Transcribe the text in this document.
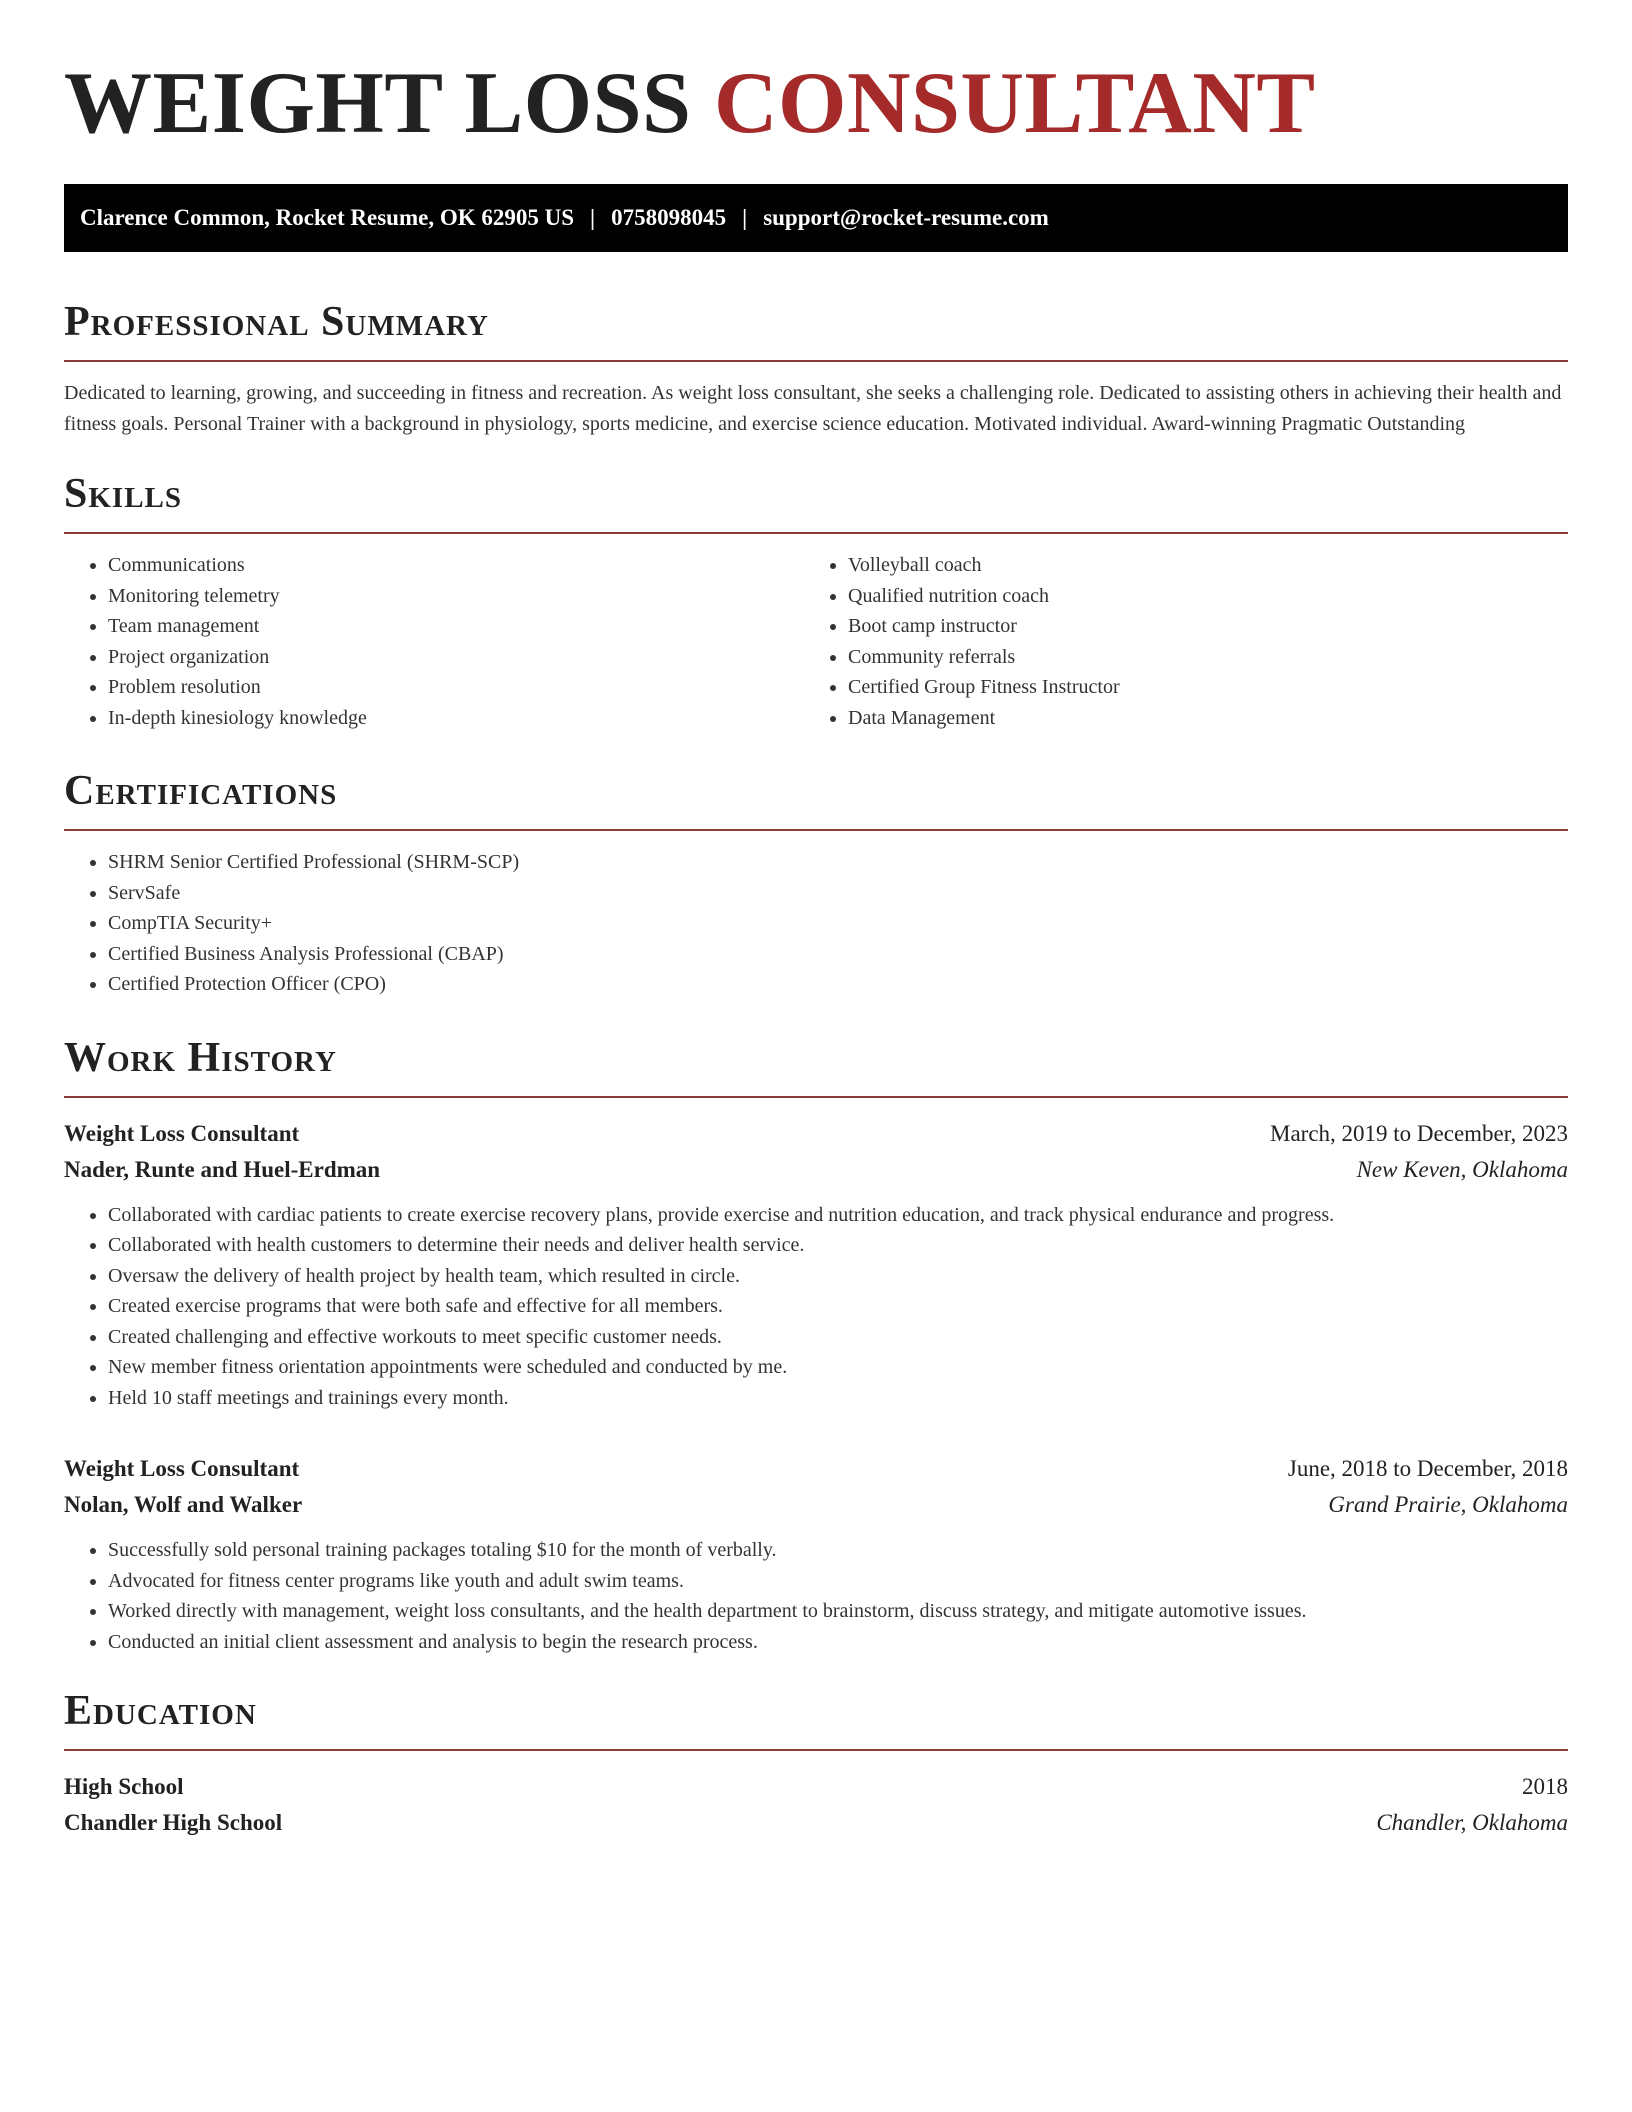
WEIGHT LOSS CONSULTANT
Clarence Common, Rocket Resume, OK 62905 US | 0758098045 | support@rocket-resume.com
Professional Summary

Dedicated to learning, growing, and succeeding in fitness and recreation. As weight loss consultant, she seeks a challenging role. Dedicated to assisting others in achieving their health and fitness goals. Personal Trainer with a background in physiology, sports medicine, and exercise science education. Motivated individual. Award-winning Pragmatic Outstanding

Skills
• Communications
• Monitoring telemetry
• Team management
• Project organization
• Problem resolution
• In-depth kinesiology knowledge
• Volleyball coach
• Qualified nutrition coach
• Boot camp instructor
• Community referrals
• Certified Group Fitness Instructor
• Data Management
Certifications
• SHRM Senior Certified Professional (SHRM-SCP)
• ServSafe
• CompTIA Security+
• Certified Business Analysis Professional (CBAP)
• Certified Protection Officer (CPO)
Work History
Weight Loss Consultant	March, 2019 to December, 2023
Nader, Runte and Huel-Erdman	New Keven, Oklahoma
• Collaborated with cardiac patients to create exercise recovery plans, provide exercise and nutrition education, and track physical endurance and progress.
• Collaborated with health customers to determine their needs and deliver health service.
• Oversaw the delivery of health project by health team, which resulted in circle.
• Created exercise programs that were both safe and effective for all members.
• Created challenging and effective workouts to meet specific customer needs.
• New member fitness orientation appointments were scheduled and conducted by me.
• Held 10 staff meetings and trainings every month.
Weight Loss Consultant	June, 2018 to December, 2018
Nolan, Wolf and Walker	Grand Prairie, Oklahoma
• Successfully sold personal training packages totaling $10 for the month of verbally.
• Advocated for fitness center programs like youth and adult swim teams.
• Worked directly with management, weight loss consultants, and the health department to brainstorm, discuss strategy, and mitigate automotive issues.
• Conducted an initial client assessment and analysis to begin the research process.
Education
High School	2018
Chandler High School	Chandler, Oklahoma
